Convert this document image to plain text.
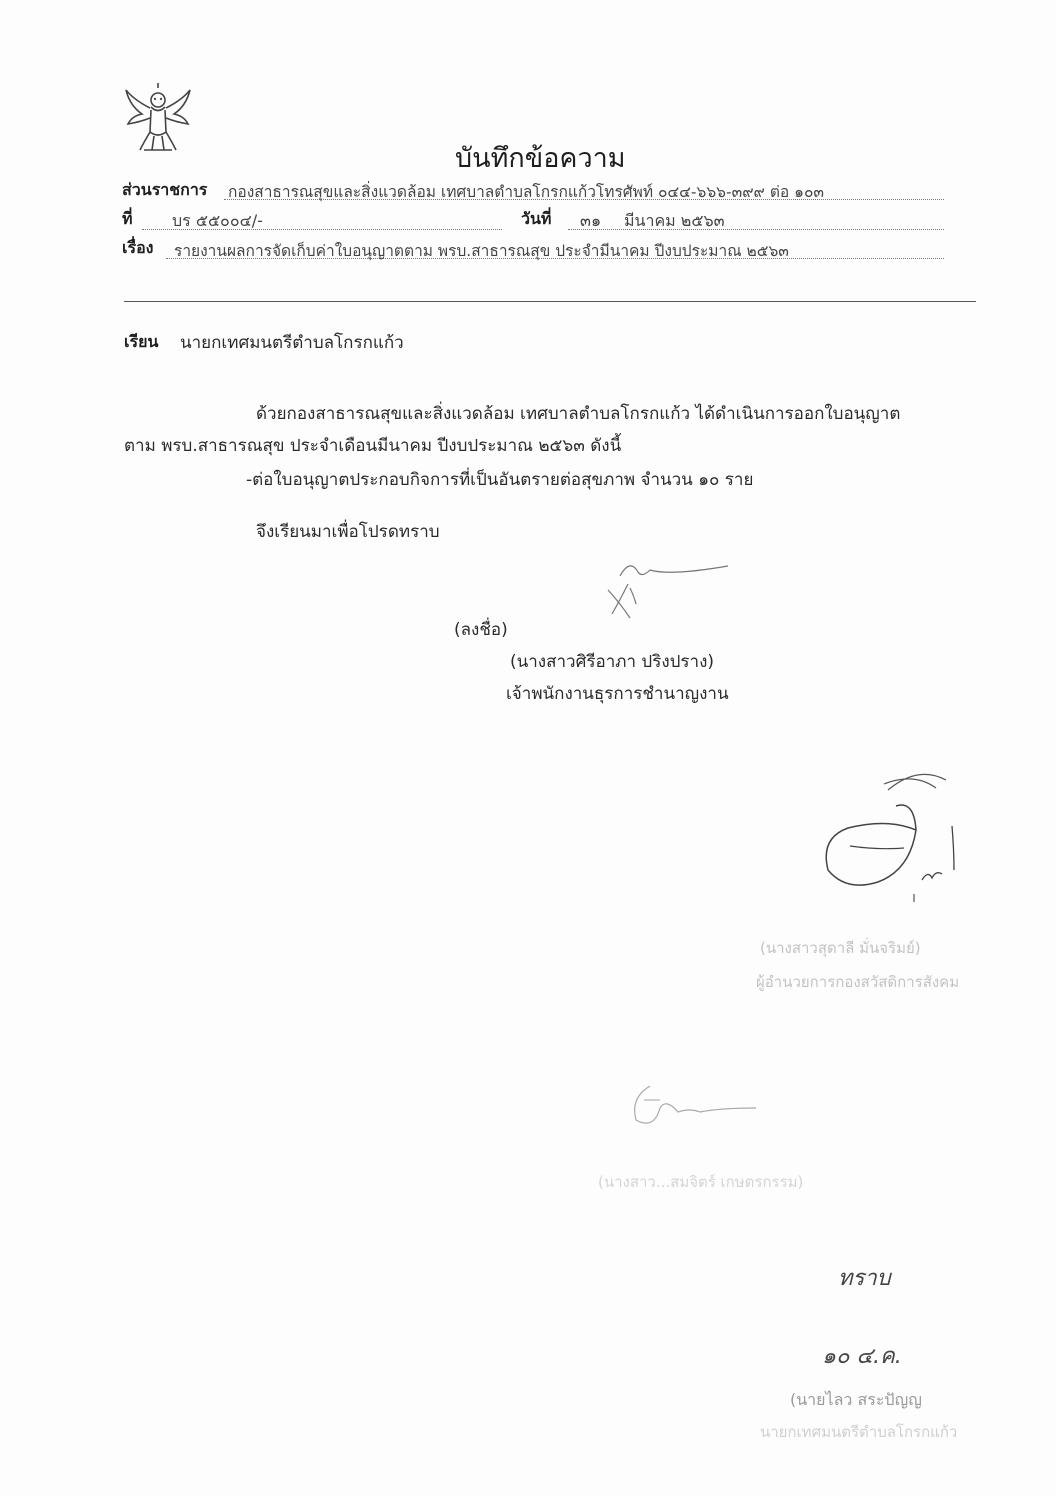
บันทึกข้อความ
ส่วนราชการ กองสาธารณสุขและสิ่งแวดล้อม เทศบาลตำบลโกรกแก้วโทรศัพท์ ๐๔๔-๖๖๖-๓๙๙ ต่อ ๑๐๓
ที่ บร ๕๕๐๐๔/-	วันที่ ๓๑ มีนาคม ๒๕๖๓
เรื่อง รายงานผลการจัดเก็บค่าใบอนุญาตตาม พรบ.สาธารณสุข ประจำมีนาคม ปีงบประมาณ ๒๕๖๓
เรียน นายกเทศมนตรีตำบลโกรกแก้ว
ด้วยกองสาธารณสุขและสิ่งแวดล้อม เทศบาลตำบลโกรกแก้ว ได้ดำเนินการออกใบอนุญาต
ตาม พรบ.สาธารณสุข ประจำเดือนมีนาคม ปีงบประมาณ ๒๕๖๓ ดังนี้
-ต่อใบอนุญาตประกอบกิจการที่เป็นอันตรายต่อสุขภาพ จำนวน ๑๐ ราย
จึงเรียนมาเพื่อโปรดทราบ
(ลงชื่อ)
(นางสาวศิรีอาภา ปริงปราง)
เจ้าพนักงานธุรการชำนาญงาน
(นางสาวสุดาลี มั่นจริมย์)
ผู้อำนวยการกองสวัสดิการสังคม
(นางสาว...สมจิตร์ เกษตรกรรม)
ทราบ
๑๐ ๔.ค.
(นายไลว สระปัญญ
นายกเทศมนตรีตำบลโกรกแก้ว
